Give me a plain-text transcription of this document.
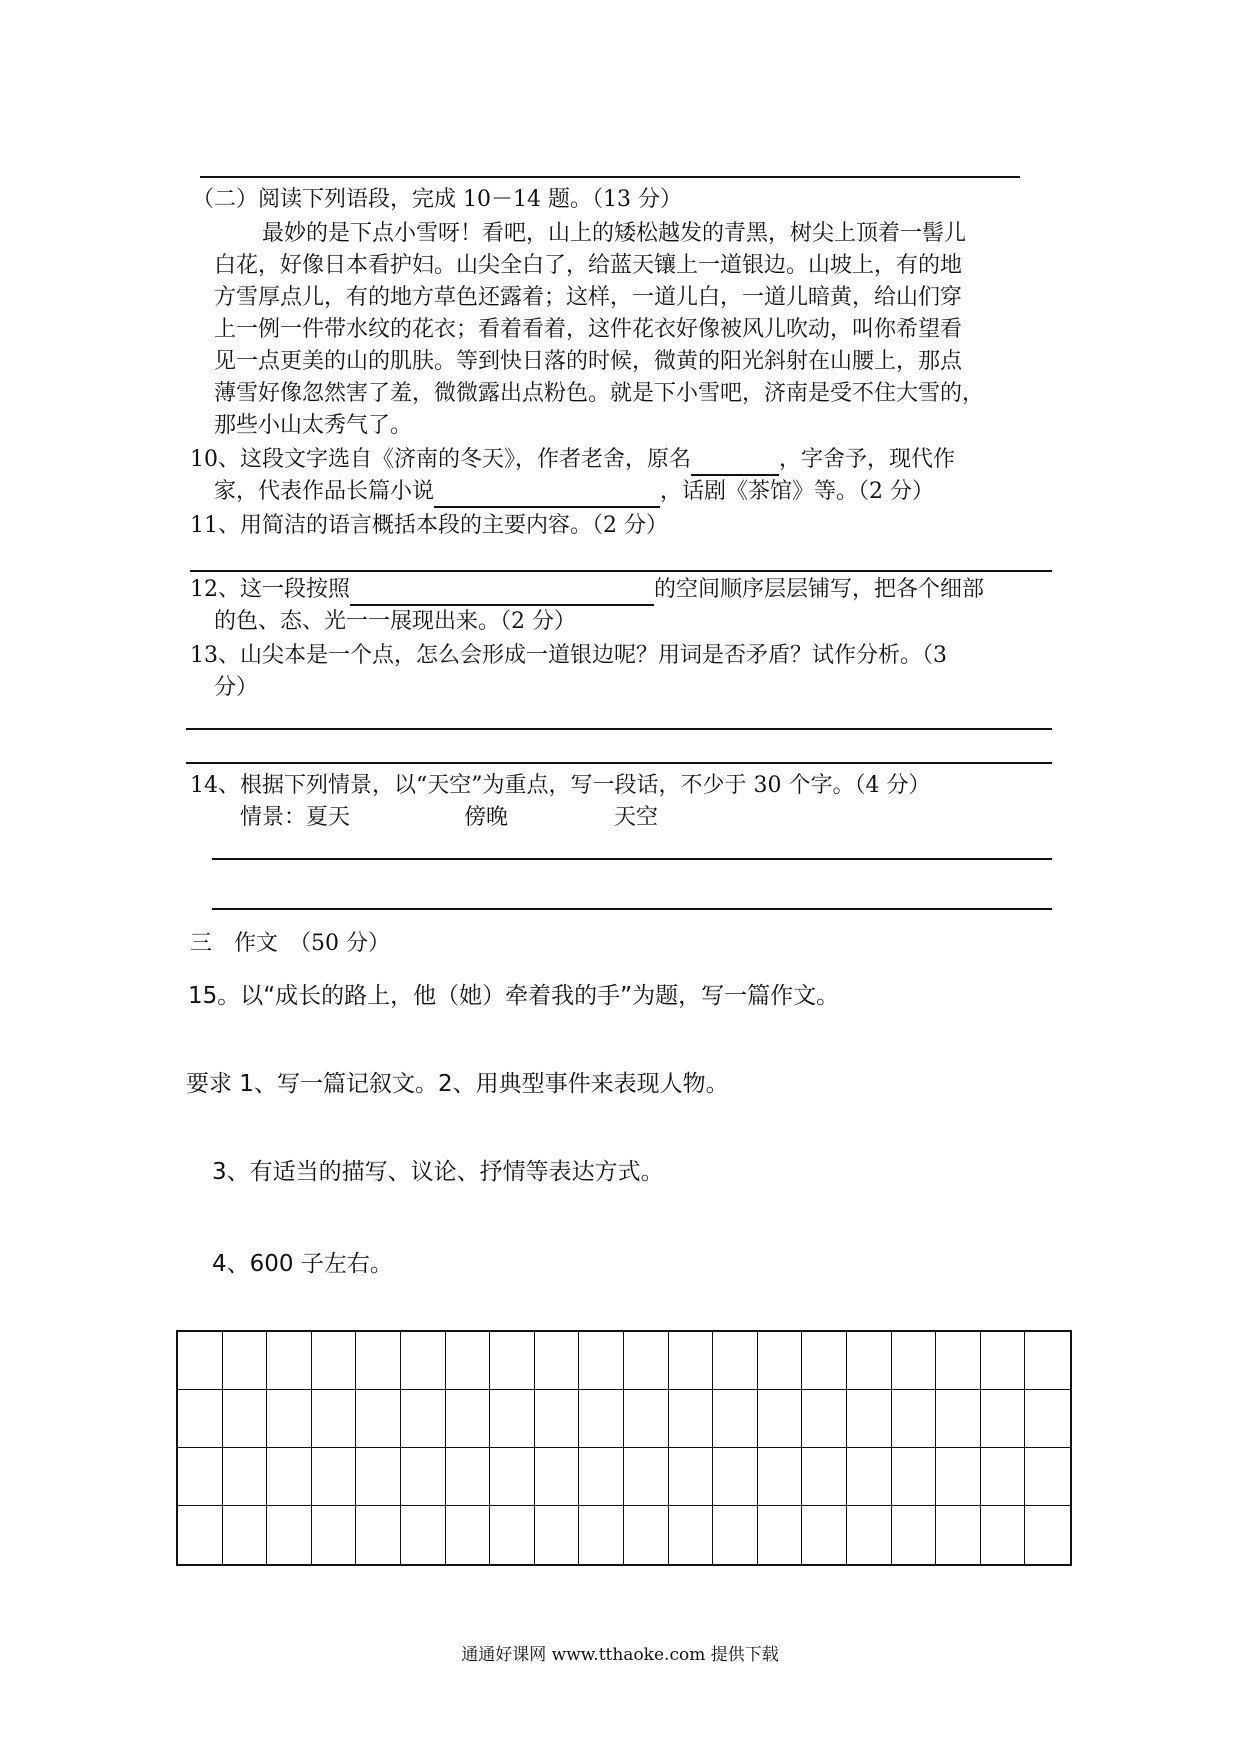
（二）阅读下列语段，完成 10－14 题。（13 分）
最妙的是下点小雪呀！看吧，山上的矮松越发的青黑，树尖上顶着一髻儿
白花，好像日本看护妇。山尖全白了，给蓝天镶上一道银边。山坡上，有的地
方雪厚点儿，有的地方草色还露着；这样，一道儿白，一道儿暗黄，给山们穿
上一例一件带水纹的花衣；看着看着，这件花衣好像被风儿吹动，叫你希望看
见一点更美的山的肌肤。等到快日落的时候，微黄的阳光斜射在山腰上，那点
薄雪好像忽然害了羞，微微露出点粉色。就是下小雪吧，济南是受不住大雪的，
那些小山太秀气了。
10、这段文字选自《济南的冬天》，作者老舍，原名	，字舍予，现代作
家，代表作品长篇小说	，话剧《茶馆》等。（2 分）
11、用简洁的语言概括本段的主要内容。（2 分）
12、这一段按照	的空间顺序层层铺写，把各个细部
的色、态、光一一展现出来。（2 分）
13、山尖本是一个点，怎么会形成一道银边呢？用词是否矛盾？试作分析。（3
分）
14、根据下列情景，以“天空”为重点，写一段话，不少于 30 个字。（4 分）
情景：夏天	傍晚	天空
三　作文　（50 分）
15。以“成长的路上，他（她）牵着我的手”为题，写一篇作文。
要求 1、写一篇记叙文。2、用典型事件来表现人物。
3、有适当的描写、议论、抒情等表达方式。
4、600 子左右。
通通好课网 www.tthaoke.com 提供下载
